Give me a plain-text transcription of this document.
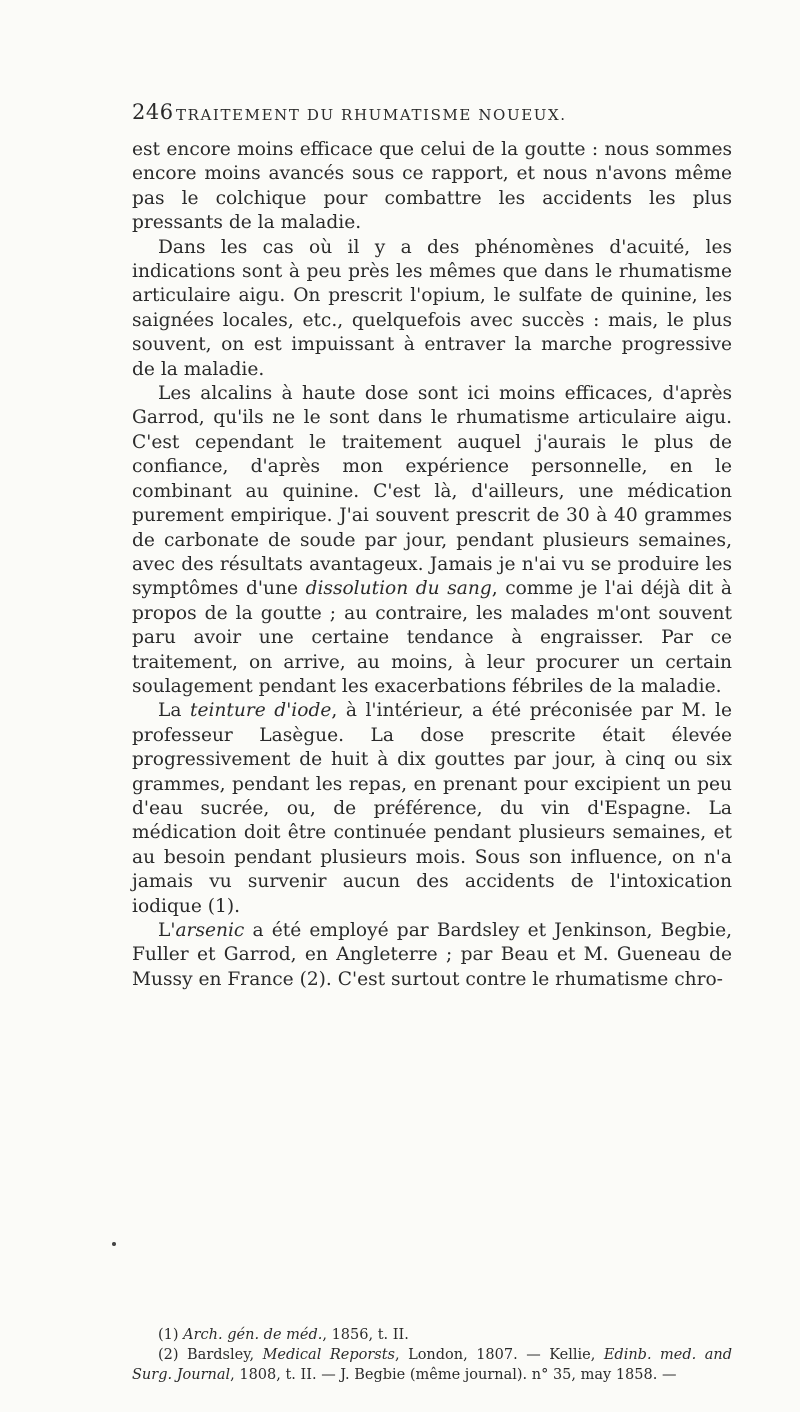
246 TRAITEMENT DU RHUMATISME NOUEUX.

est encore moins efficace que celui de la goutte : nous sommes encore moins avancés sous ce rapport, et nous n'avons même pas le colchique pour combattre les accidents les plus pressants de la maladie.

Dans les cas où il y a des phénomènes d'acuité, les indications sont à peu près les mêmes que dans le rhumatisme articulaire aigu. On prescrit l'opium, le sulfate de quinine, les saignées locales, etc., quelquefois avec succès : mais, le plus souvent, on est impuissant à entraver la marche progressive de la maladie.

Les alcalins à haute dose sont ici moins efficaces, d'après Garrod, qu'ils ne le sont dans le rhumatisme articulaire aigu. C'est cependant le traitement auquel j'aurais le plus de confiance, d'après mon expérience personnelle, en le combinant au quinine. C'est là, d'ailleurs, une médication purement empirique. J'ai souvent prescrit de 30 à 40 grammes de carbonate de soude par jour, pendant plusieurs semaines, avec des résultats avantageux. Jamais je n'ai vu se produire les symptômes d'une dissolution du sang, comme je l'ai déjà dit à propos de la goutte ; au contraire, les malades m'ont souvent paru avoir une certaine tendance à engraisser. Par ce traitement, on arrive, au moins, à leur procurer un certain soulagement pendant les exacerbations fébriles de la maladie.

La teinture d'iode, à l'intérieur, a été préconisée par M. le professeur Lasègue. La dose prescrite était élevée progressivement de huit à dix gouttes par jour, à cinq ou six grammes, pendant les repas, en prenant pour excipient un peu d'eau sucrée, ou, de préférence, du vin d'Espagne. La médication doit être continuée pendant plusieurs semaines, et au besoin pendant plusieurs mois. Sous son influence, on n'a jamais vu survenir aucun des accidents de l'intoxication iodique (1).

L'arsenic a été employé par Bardsley et Jenkinson, Begbie, Fuller et Garrod, en Angleterre ; par Beau et M. Gueneau de Mussy en France (2). C'est surtout contre le rhumatisme chro-

(1) Arch. gén. de méd., 1856, t. II.

(2) Bardsley, Medical Reporsts, London, 1807. — Kellie, Edinb. med. and Surg. Journal, 1808, t. II. — J. Begbie (même journal). n° 35, may 1858. —
